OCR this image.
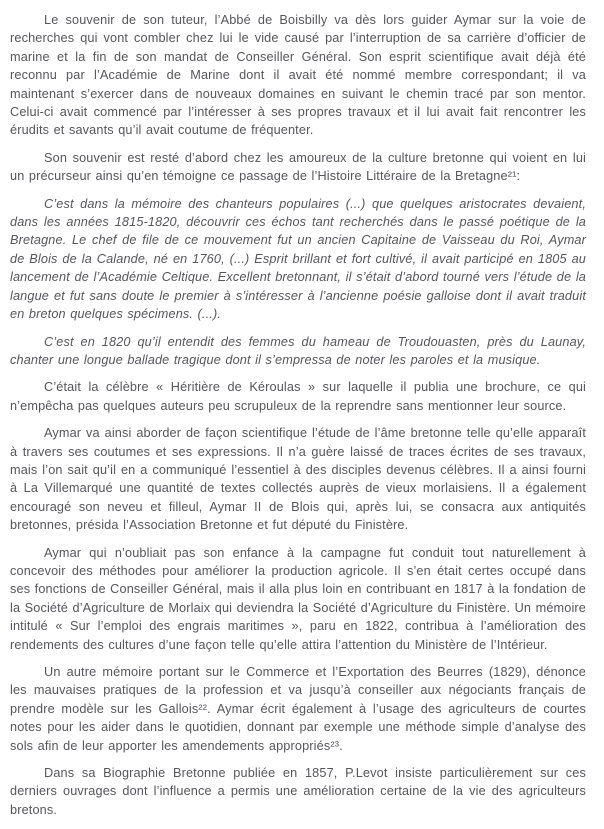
Le souvenir de son tuteur, l’Abbé de Boisbilly va dès lors guider Aymar sur la voie de recherches qui vont combler chez lui le vide causé par l’interruption de sa carrière d’officier de marine et la fin de son mandat de Conseiller Général. Son esprit scientifique avait déjà été reconnu par l’Académie de Marine dont il avait été nommé membre correspondant; il va maintenant s’exercer dans de nouveaux domaines en suivant le chemin tracé par son mentor. Celui-ci avait commencé par l’intéresser à ses propres travaux et il lui avait fait rencontrer les érudits et savants qu’il avait coutume de fréquenter.

Son souvenir est resté d’abord chez les amoureux de la culture bretonne qui voient en lui un précurseur ainsi qu’en témoigne ce passage de l’Histoire Littéraire de la Bretagne²¹:

C’est dans la mémoire des chanteurs populaires (...) que quelques aristocrates devaient, dans les années 1815-1820, découvrir ces échos tant recherchés dans le passé poétique de la Bretagne. Le chef de file de ce mouvement fut un ancien Capitaine de Vaisseau du Roi, Aymar de Blois de la Calande, né en 1760, (...) Esprit brillant et fort cultivé, il avait participé en 1805 au lancement de l’Académie Celtique. Excellent bretonnant, il s’était d’abord tourné vers l’étude de la langue et fut sans doute le premier à s’intéresser à l’ancienne poésie galloise dont il avait traduit en breton quelques spécimens. (...).

C’est en 1820 qu’il entendit des femmes du hameau de Troudouasten, près du Launay, chanter une longue ballade tragique dont il s’empressa de noter les paroles et la musique.

C’était la célèbre « Héritière de Kéroulas » sur laquelle il publia une brochure, ce qui n’empêcha pas quelques auteurs peu scrupuleux de la reprendre sans mentionner leur source.

Aymar va ainsi aborder de façon scientifique l’étude de l’âme bretonne telle qu’elle apparaît à travers ses coutumes et ses expressions. Il n’a guère laissé de traces écrites de ses travaux, mais l’on sait qu’il en a communiqué l’essentiel à des disciples devenus célèbres. Il a ainsi fourni à La Villemarqué une quantité de textes collectés auprès de vieux morlaisiens. Il a également encouragé son neveu et filleul, Aymar II de Blois qui, après lui, se consacra aux antiquités bretonnes, présida l’Association Bretonne et fut député du Finistère.

Aymar qui n’oubliait pas son enfance à la campagne fut conduit tout naturellement à concevoir des méthodes pour améliorer la production agricole. Il s’en était certes occupé dans ses fonctions de Conseiller Général, mais il alla plus loin en contribuant en 1817 à la fondation de la Société d’Agriculture de Morlaix qui deviendra la Société d’Agriculture du Finistère. Un mémoire intitulé « Sur l’emploi des engrais maritimes », paru en 1822, contribua à l’amélioration des rendements des cultures d’une façon telle qu’elle attira l’attention du Ministère de l’Intérieur.

Un autre mémoire portant sur le Commerce et l’Exportation des Beurres (1829), dénonce les mauvaises pratiques de la profession et va jusqu’à conseiller aux négociants français de prendre modèle sur les Gallois²². Aymar écrit également à l’usage des agriculteurs de courtes notes pour les aider dans le quotidien, donnant par exemple une méthode simple d’analyse des sols afin de leur apporter les amendements appropriés²³.

Dans sa Biographie Bretonne publiée en 1857, P.Levot insiste particulièrement sur ces derniers ouvrages dont l’influence a permis une amélioration certaine de la vie des agriculteurs bretons.
